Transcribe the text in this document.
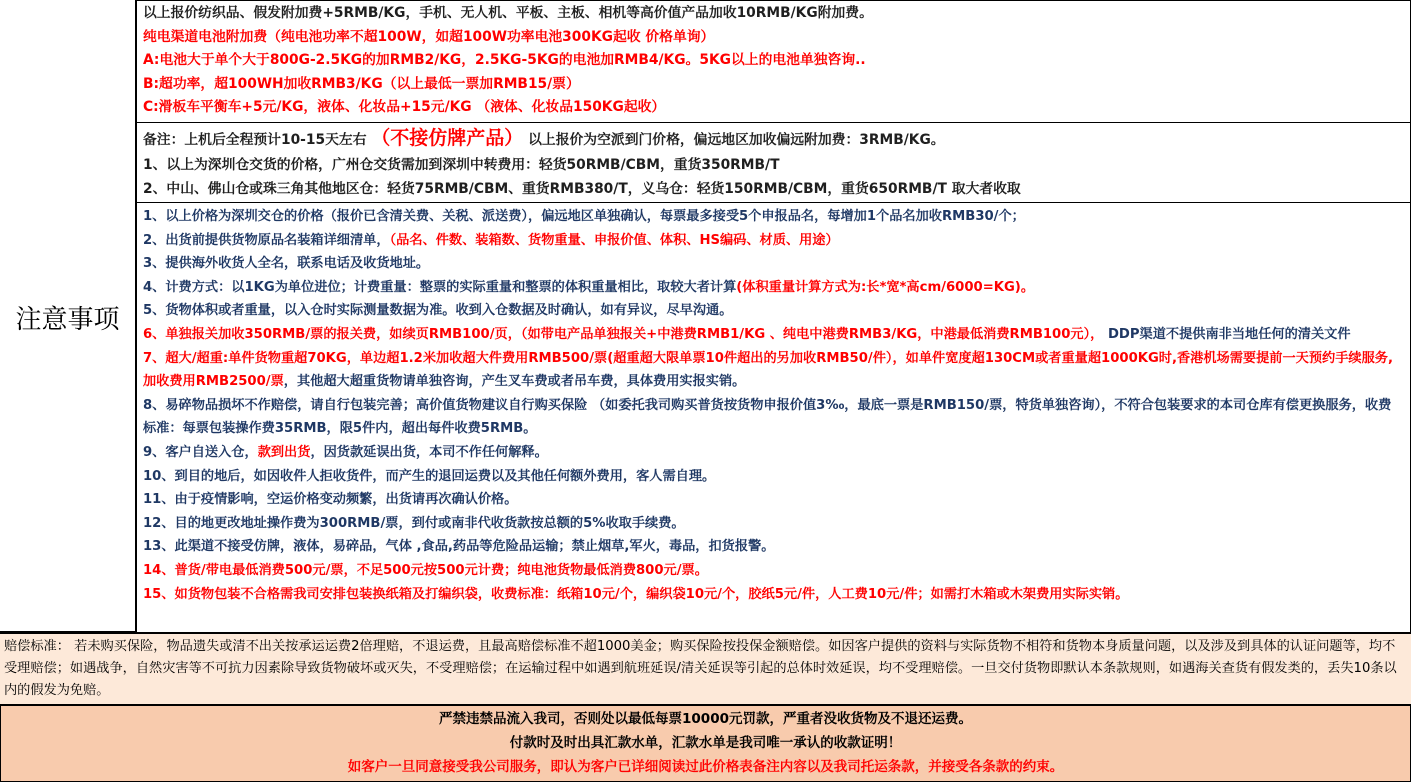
注意事项
以上报价纺织品、假发附加费+5RMB/KG，手机、无人机、平板、主板、相机等高价值产品加收10RMB/KG附加费。
纯电渠道电池附加费（纯电池功率不超100W，如超100W功率电池300KG起收 价格单询）
A:电池大于单个大于800G-2.5KG的加RMB2/KG，2.5KG-5KG的电池加RMB4/KG。5KG以上的电池单独咨询..
B:超功率，超100WH加收RMB3/KG（以上最低一票加RMB15/票）
C:滑板车平衡车+5元/KG，液体、化妆品+15元/KG （液体、化妆品150KG起收）
备注：上机后全程预计10-15天左右 （不接仿牌产品） 以上报价为空派到门价格，偏远地区加收偏远附加费：3RMB/KG。
1、以上为深圳仓交货的价格，广州仓交货需加到深圳中转费用：轻货50RMB/CBM，重货350RMB/T
2、中山、佛山仓或珠三角其他地区仓：轻货75RMB/CBM、重货RMB380/T，义乌仓：轻货150RMB/CBM，重货650RMB/T 取大者收取
1、以上价格为深圳交仓的价格（报价已含清关费、关税、派送费），偏远地区单独确认，每票最多接受5个申报品名，每增加1个品名加收RMB30/个；
2、出货前提供货物原品名装箱详细清单，（品名、件数、装箱数、货物重量、申报价值、体积、HS编码、材质、用途）
3、提供海外收货人全名，联系电话及收货地址。
4、计费方式：以1KG为单位进位；计费重量：整票的实际重量和整票的体积重量相比，取较大者计算(体积重量计算方式为:长*宽*高cm/6000=KG)。
5、货物体积或者重量，以入仓时实际测量数据为准。收到入仓数据及时确认，如有异议，尽早沟通。
6、单独报关加收350RMB/票的报关费，如续页RMB100/页，（如带电产品单独报关+中港费RMB1/KG 、纯电中港费RMB3/KG，中港最低消费RMB100元）， DDP渠道不提供南非当地任何的清关文件
7、超大/超重:单件货物重超70KG，单边超1.2米加收超大件费用RMB500/票(超重超大限单票10件超出的另加收RMB50/件），如单件宽度超130CM或者重量超1000KG时,香港机场需要提前一天预约手续服务,加收费用RMB2500/票，其他超大超重货物请单独咨询，产生叉车费或者吊车费，具体费用实报实销。
8、易碎物品损坏不作赔偿，请自行包装完善；高价值货物建议自行购买保险 （如委托我司购买普货按货物申报价值3‰，最底一票是RMB150/票，特货单独咨询），不符合包装要求的本司仓库有偿更换服务，收费标准：每票包装操作费35RMB，限5件内，超出每件收费5RMB。
9、客户自送入仓，款到出货，因货款延误出货，本司不作任何解释。
10、到目的地后，如因收件人拒收货件，而产生的退回运费以及其他任何额外费用，客人需自理。
11、由于疫情影响，空运价格变动频繁，出货请再次确认价格。
12、目的地更改地址操作费为300RMB/票，到付或南非代收货款按总额的5%收取手续费。
13、此渠道不接受仿牌，液体，易碎品，气体 ,食品,药品等危险品运输；禁止烟草,军火，毒品，扣货报警。
14、普货/带电最低消费500元/票，不足500元按500元计费；纯电池货物最低消费800元/票。
15、如货物包装不合格需我司安排包装换纸箱及打编织袋，收费标准：纸箱10元/个，编织袋10元/个，胶纸5元/件，人工费10元/件；如需打木箱或木架费用实际实销。
赔偿标准： 若未购买保险，物品遗失或清不出关按承运运费2倍理赔，不退运费，且最高赔偿标准不超1000美金；购买保险按投保金额赔偿。如因客户提供的资料与实际货物不相符和货物本身质量问题，以及涉及到具体的认证问题等，均不受理赔偿；如遇战争，自然灾害等不可抗力因素除导致货物破坏或灭失，不受理赔偿；在运输过程中如遇到航班延误/清关延误等引起的总体时效延误，均不受理赔偿。一旦交付货物即默认本条款规则，如遇海关查货有假发类的，丢失10条以内的假发为免赔。
严禁违禁品流入我司，否则处以最低每票10000元罚款，严重者没收货物及不退还运费。
付款时及时出具汇款水单，汇款水单是我司唯一承认的收款证明！
如客户一旦同意接受我公司服务，即认为客户已详细阅读过此价格表备注内容以及我司托运条款，并接受各条款的约束。
